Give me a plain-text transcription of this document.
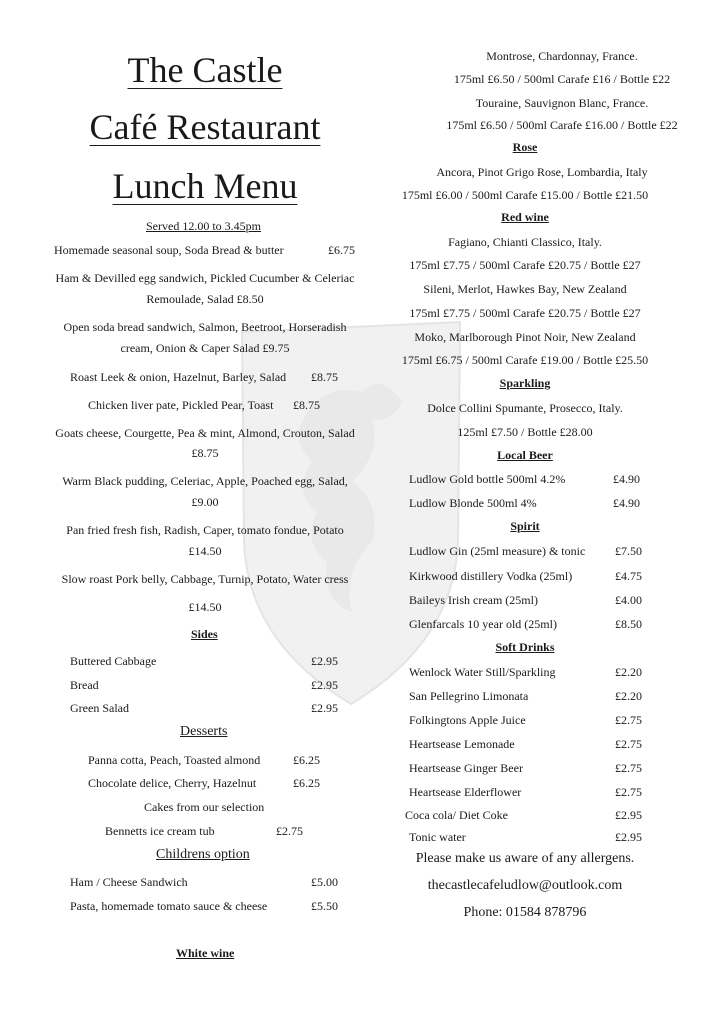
The Castle
Café Restaurant
Lunch Menu
Served 12.00 to 3.45pm
Homemade seasonal soup, Soda Bread & butter	£6.75
Ham & Devilled egg sandwich, Pickled Cucumber & Celeriac
Remoulade, Salad £8.50
Open soda bread sandwich, Salmon, Beetroot, Horseradish
cream, Onion & Caper Salad £9.75
Roast Leek & onion, Hazelnut, Barley, Salad £8.75
Chicken liver pate, Pickled Pear, Toast £8.75
Goats cheese, Courgette, Pea & mint, Almond, Crouton, Salad
£8.75
Warm Black pudding, Celeriac, Apple, Poached egg, Salad,
£9.00
Pan fried fresh fish, Radish, Caper, tomato fondue, Potato
£14.50
Slow roast Pork belly, Cabbage, Turnip, Potato, Water cress
£14.50
Sides
Buttered Cabbage	£2.95
Bread	£2.95
Green Salad	£2.95
Desserts
Panna cotta, Peach, Toasted almond	£6.25
Chocolate delice, Cherry, Hazelnut	£6.25
Cakes from our selection
Bennetts ice cream tub	£2.75
Childrens option
Ham / Cheese Sandwich	£5.00
Pasta, homemade tomato sauce & cheese	£5.50
White wine
Montrose, Chardonnay, France.
175ml £6.50 / 500ml Carafe £16 / Bottle £22
Touraine, Sauvignon Blanc, France.
175ml £6.50 / 500ml Carafe £16.00 / Bottle £22
Rose
Ancora, Pinot Grigo Rose, Lombardia, Italy
175ml £6.00 / 500ml Carafe £15.00 / Bottle £21.50
Red wine
Fagiano, Chianti Classico, Italy.
175ml £7.75 / 500ml Carafe £20.75 / Bottle £27
Sileni, Merlot, Hawkes Bay, New Zealand
175ml £7.75 / 500ml Carafe £20.75 / Bottle £27
Moko, Marlborough Pinot Noir, New Zealand
175ml £6.75 / 500ml Carafe £19.00 / Bottle £25.50
Sparkling
Dolce Collini Spumante, Prosecco, Italy.
125ml £7.50 / Bottle £28.00
Local Beer
Ludlow Gold bottle 500ml 4.2%	£4.90
Ludlow Blonde 500ml 4%	£4.90
Spirit
Ludlow Gin (25ml measure) & tonic £7.50
Kirkwood distillery Vodka (25ml)	£4.75
Baileys Irish cream (25ml)	£4.00
Glenfarcals 10 year old (25ml)	£8.50
Soft Drinks
Wenlock Water Still/Sparkling	£2.20
San Pellegrino Limonata	£2.20
Folkingtons Apple Juice	£2.75
Heartsease Lemonade	£2.75
Heartsease Ginger Beer	£2.75
Heartsease Elderflower	£2.75
Coca cola/ Diet Coke	£2.95
Tonic water	£2.95
Please make us aware of any allergens.
thecastlecafeludlow@outlook.com
Phone: 01584 878796
